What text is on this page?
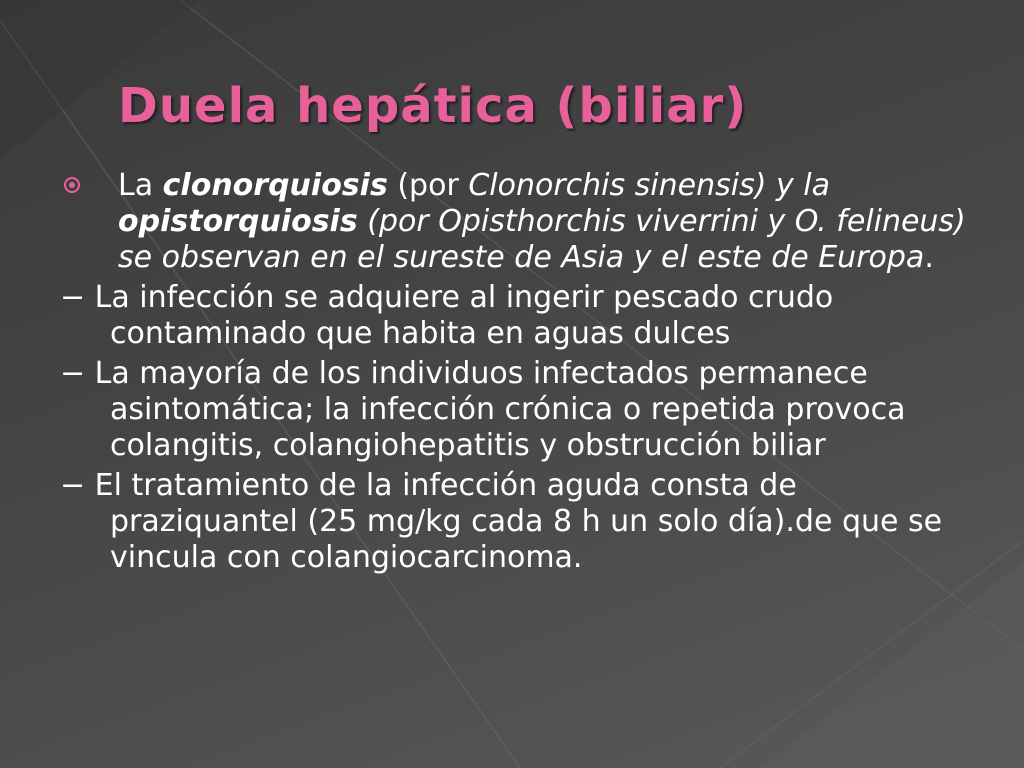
Duela hepática (biliar)

La clonorquiosis (por Clonorchis sinensis) y la opistorquiosis (por Opisthorchis viverrini y O. felineus) se observan en el sureste de Asia y el este de Europa.

− La infección se adquiere al ingerir pescado crudo contaminado que habita en aguas dulces

− La mayoría de los individuos infectados permanece asintomática; la infección crónica o repetida provoca colangitis, colangiohepatitis y obstrucción biliar

− El tratamiento de la infección aguda consta de praziquantel (25 mg/kg cada 8 h un solo día).de que se vincula con colangiocarcinoma.
